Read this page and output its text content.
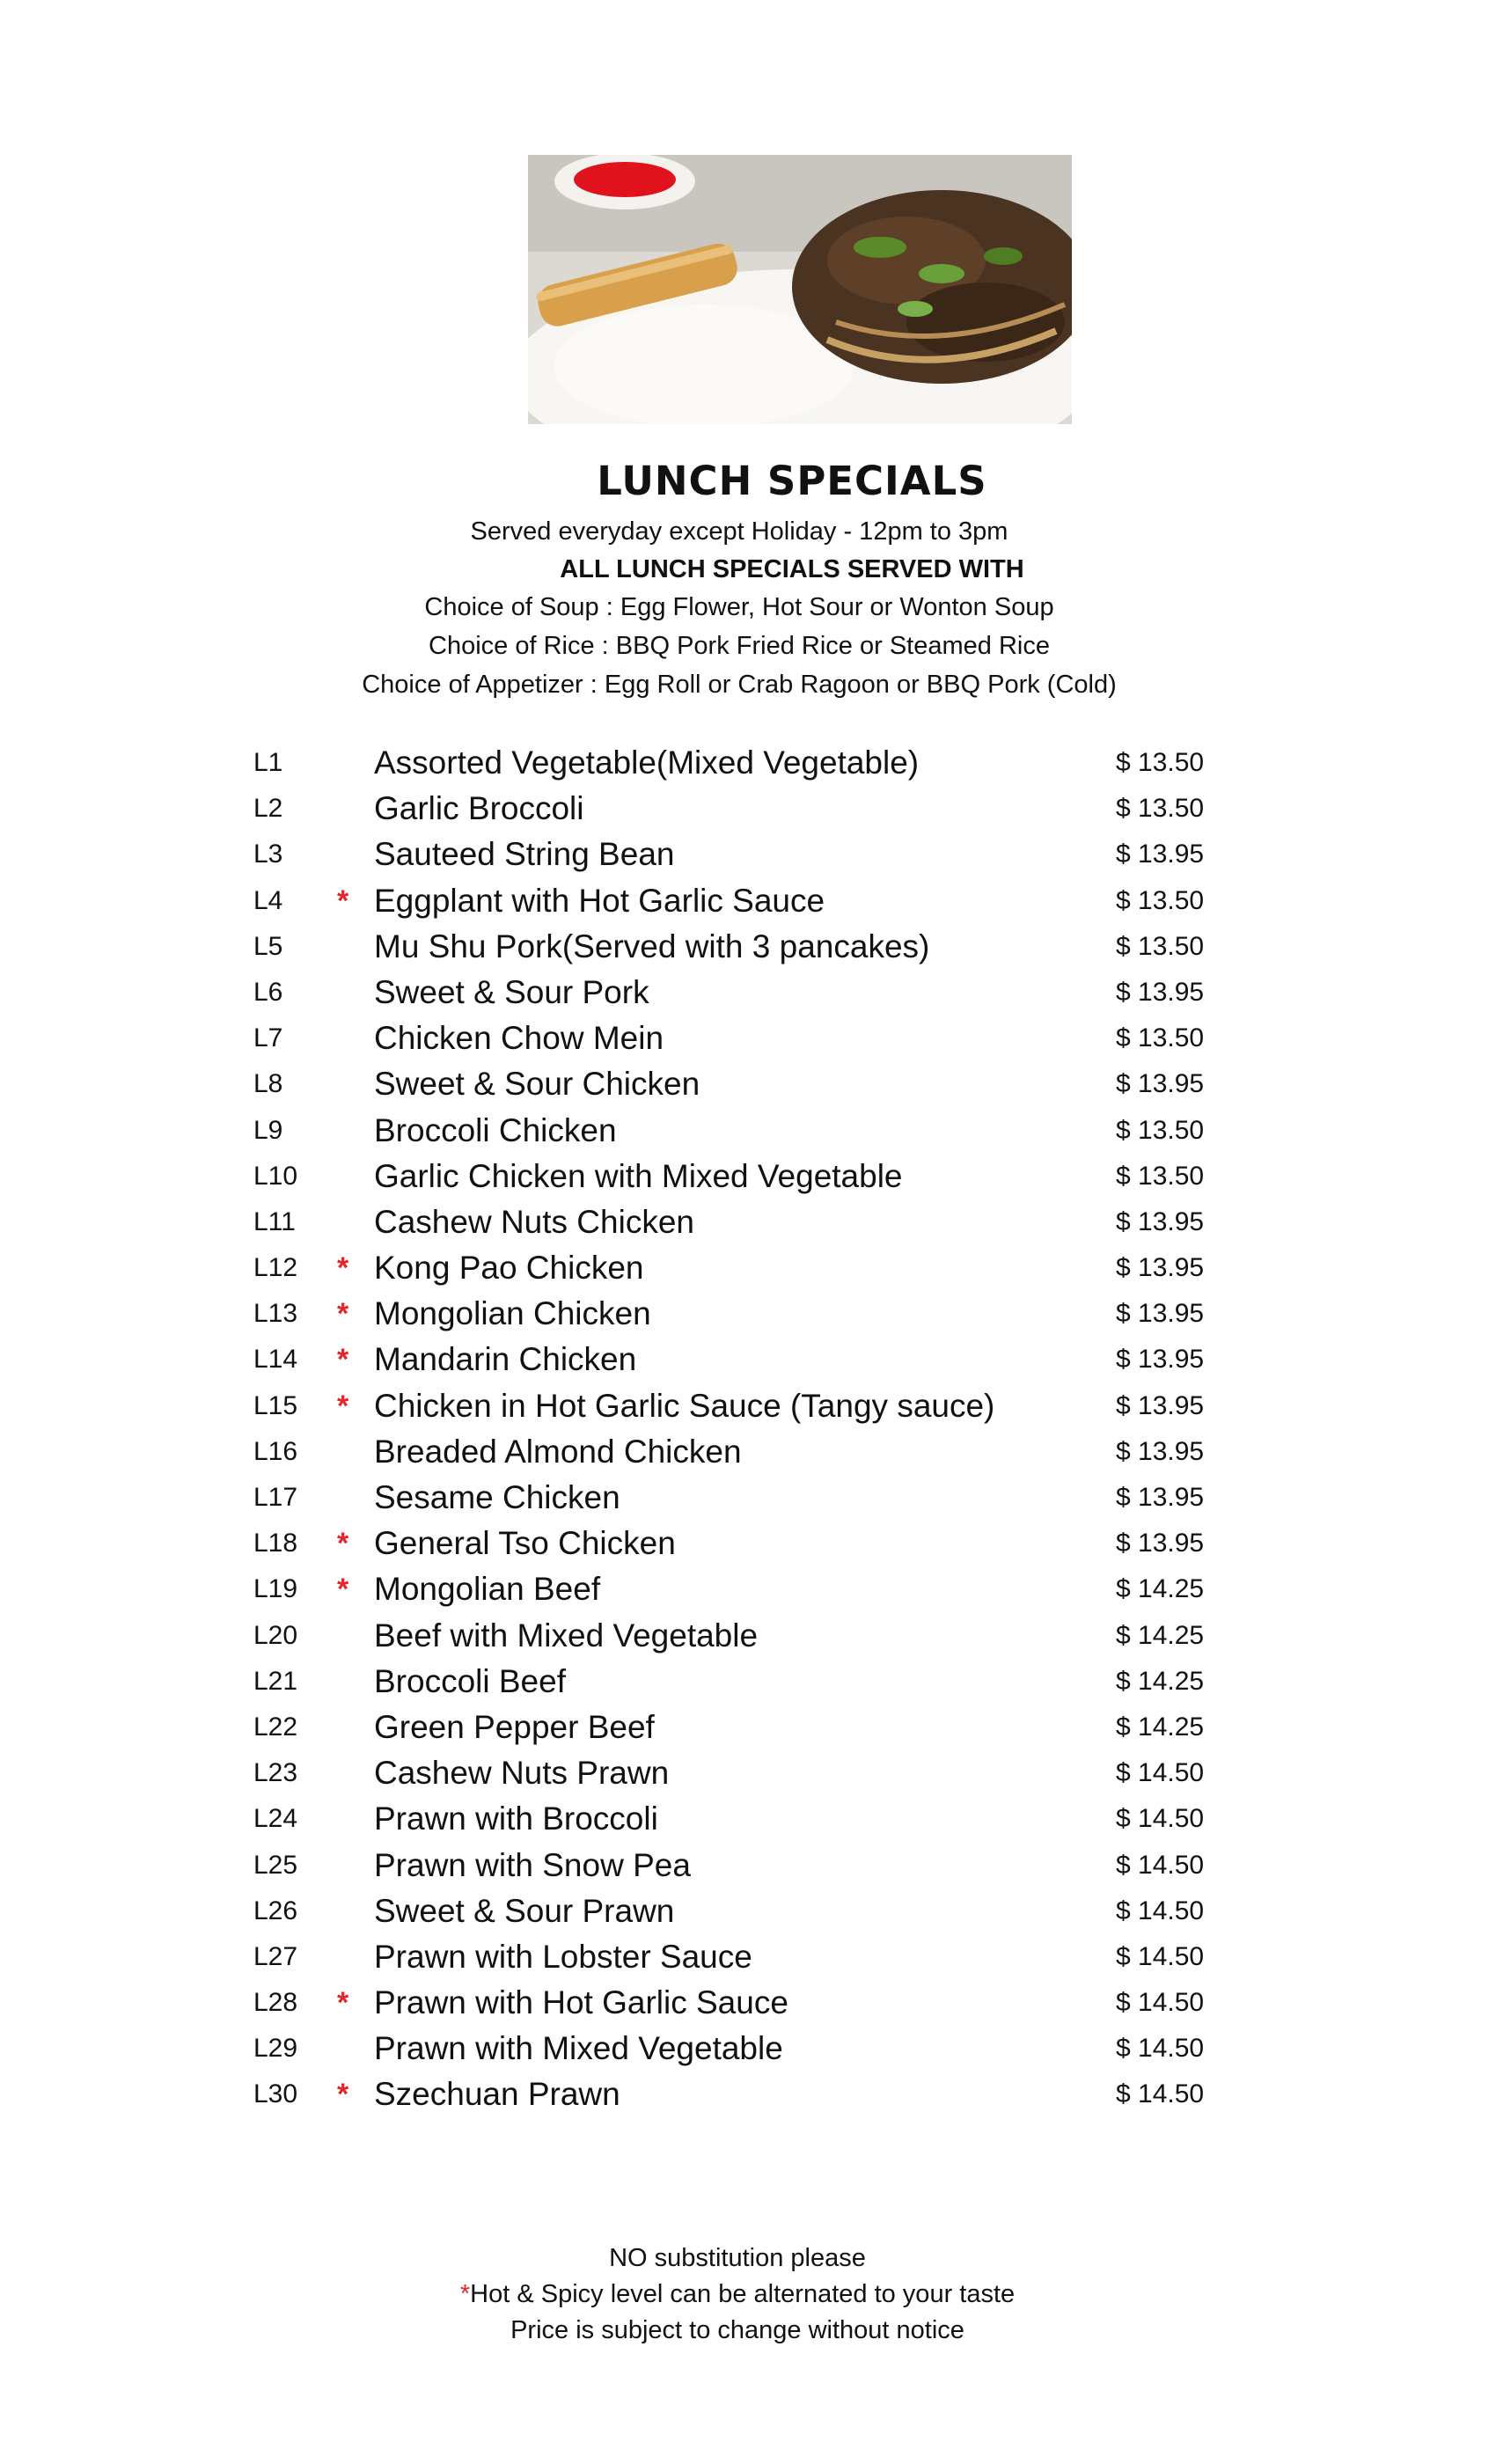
LUNCH SPECIALS
Served everyday except Holiday - 12pm to 3pm
ALL LUNCH SPECIALS SERVED WITH
Choice of Soup : Egg Flower, Hot Sour or Wonton Soup
Choice of Rice : BBQ Pork Fried Rice or Steamed Rice
Choice of Appetizer : Egg Roll or Crab Ragoon or BBQ Pork (Cold)
L1	Assorted Vegetable(Mixed Vegetable)	$ 13.50
L2	Garlic Broccoli	$ 13.50
L3	Sauteed String Bean	$ 13.95
L4 * Eggplant with Hot Garlic Sauce	$ 13.50
L5	Mu Shu Pork(Served with 3 pancakes)	$ 13.50
L6	Sweet & Sour Pork	$ 13.95
L7	Chicken Chow Mein	$ 13.50
L8	Sweet & Sour Chicken	$ 13.95
L9	Broccoli Chicken	$ 13.50
L10 Garlic Chicken with Mixed Vegetable	$ 13.50
L11 Cashew Nuts Chicken	$ 13.95
L12 * Kong Pao Chicken	$ 13.95
L13 * Mongolian Chicken	$ 13.95
L14 * Mandarin Chicken	$ 13.95
L15 * Chicken in Hot Garlic Sauce (Tangy sauce)	$ 13.95
L16 Breaded Almond Chicken	$ 13.95
L17 Sesame Chicken	$ 13.95
L18 * General Tso Chicken	$ 13.95
L19 * Mongolian Beef	$ 14.25
L20 Beef with Mixed Vegetable	$ 14.25
L21 Broccoli Beef	$ 14.25
L22 Green Pepper Beef	$ 14.25
L23 Cashew Nuts Prawn	$ 14.50
L24 Prawn with Broccoli	$ 14.50
L25 Prawn with Snow Pea	$ 14.50
L26 Sweet & Sour Prawn	$ 14.50
L27 Prawn with Lobster Sauce	$ 14.50
L28 * Prawn with Hot Garlic Sauce	$ 14.50
L29 Prawn with Mixed Vegetable	$ 14.50
L30 * Szechuan Prawn	$ 14.50
NO substitution please
*Hot & Spicy level can be alternated to your taste
Price is subject to change without notice
